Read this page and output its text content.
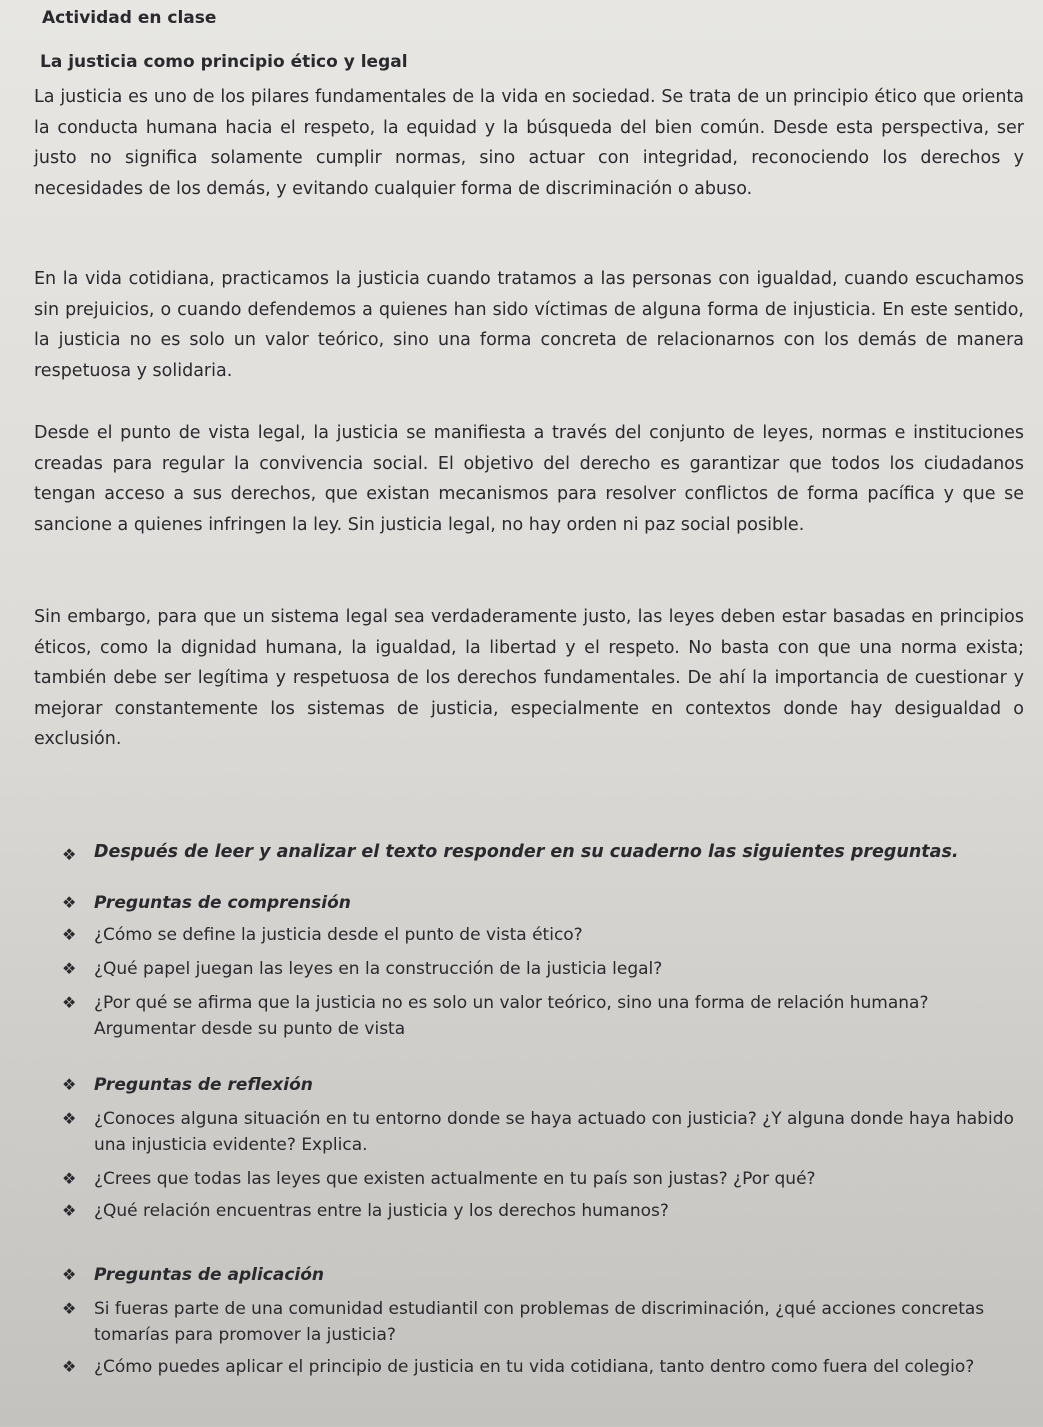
Actividad en clase

La justicia como principio ético y legal

La justicia es uno de los pilares fundamentales de la vida en sociedad. Se trata de un principio ético que orienta la conducta humana hacia el respeto, la equidad y la búsqueda del bien común. Desde esta perspectiva, ser justo no significa solamente cumplir normas, sino actuar con integridad, reconociendo los derechos y necesidades de los demás, y evitando cualquier forma de discriminación o abuso.

En la vida cotidiana, practicamos la justicia cuando tratamos a las personas con igualdad, cuando escuchamos sin prejuicios, o cuando defendemos a quienes han sido víctimas de alguna forma de injusticia. En este sentido, la justicia no es solo un valor teórico, sino una forma concreta de relacionarnos con los demás de manera respetuosa y solidaria.

Desde el punto de vista legal, la justicia se manifiesta a través del conjunto de leyes, normas e instituciones creadas para regular la convivencia social. El objetivo del derecho es garantizar que todos los ciudadanos tengan acceso a sus derechos, que existan mecanismos para resolver conflictos de forma pacífica y que se sancione a quienes infringen la ley. Sin justicia legal, no hay orden ni paz social posible.

Sin embargo, para que un sistema legal sea verdaderamente justo, las leyes deben estar basadas en principios éticos, como la dignidad humana, la igualdad, la libertad y el respeto. No basta con que una norma exista; también debe ser legítima y respetuosa de los derechos fundamentales. De ahí la importancia de cuestionar y mejorar constantemente los sistemas de justicia, especialmente en contextos donde hay desigualdad o exclusión.

❖ Después de leer y analizar el texto responder en su cuaderno las siguientes preguntas.
❖ Preguntas de comprensión
❖ ¿Cómo se define la justicia desde el punto de vista ético?
❖ ¿Qué papel juegan las leyes en la construcción de la justicia legal?
❖ ¿Por qué se afirma que la justicia no es solo un valor teórico, sino una forma de relación humana? Argumentar desde su punto de vista
❖ Preguntas de reflexión
❖ ¿Conoces alguna situación en tu entorno donde se haya actuado con justicia? ¿Y alguna donde haya habido una injusticia evidente? Explica.
❖ ¿Crees que todas las leyes que existen actualmente en tu país son justas? ¿Por qué?
❖ ¿Qué relación encuentras entre la justicia y los derechos humanos?
❖ Preguntas de aplicación
❖ Si fueras parte de una comunidad estudiantil con problemas de discriminación, ¿qué acciones concretas tomarías para promover la justicia?
❖ ¿Cómo puedes aplicar el principio de justicia en tu vida cotidiana, tanto dentro como fuera del colegio?
